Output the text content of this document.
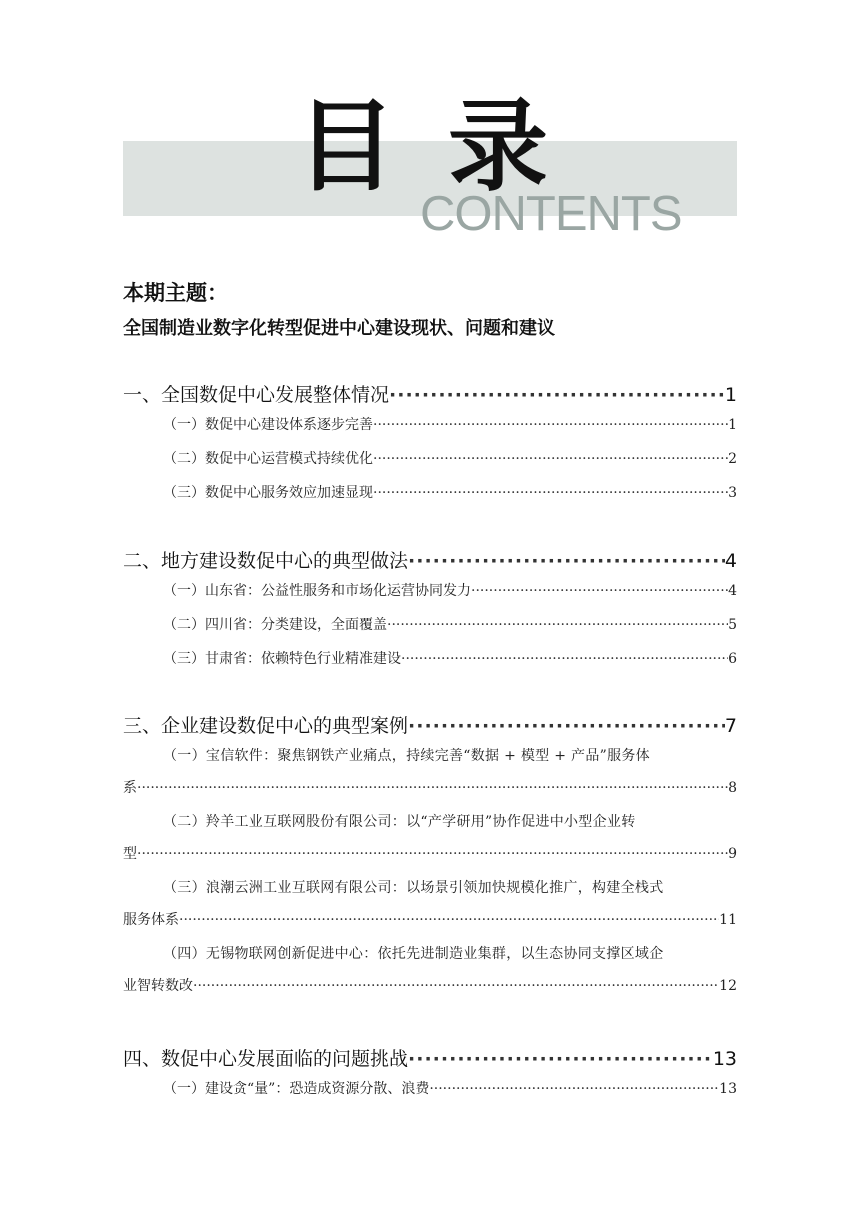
目录
CONTENTS
本期主题：
全国制造业数字化转型促进中心建设现状、问题和建议
一、全国数促中心发展整体情况 ·····	1
（一）数促中心建设体系逐步完善 ·····	1
（二）数促中心运营模式持续优化 ·····	2
（三）数促中心服务效应加速显现 ·····	3
二、地方建设数促中心的典型做法 ·····	4
（一）山东省：公益性服务和市场化运营协同发力 ·····	4
（二）四川省：分类建设，全面覆盖 ·····	5
（三）甘肃省：依赖特色行业精准建设 ·····	6
三、企业建设数促中心的典型案例 ·····	7
（一）宝信软件：聚焦钢铁产业痛点，持续完善“数据 + 模型 + 产品”服务体
系 ·····	8
（二）羚羊工业互联网股份有限公司：以“产学研用”协作促进中小型企业转
型 ·····	9
（三）浪潮云洲工业互联网有限公司：以场景引领加快规模化推广，构建全栈式
服务体系 ·····	11
（四）无锡物联网创新促进中心：依托先进制造业集群，以生态协同支撑区域企
业智转数改 ·····	12
四、数促中心发展面临的问题挑战 ·····	13
（一）建设贪“量”：恐造成资源分散、浪费 ·····	13
